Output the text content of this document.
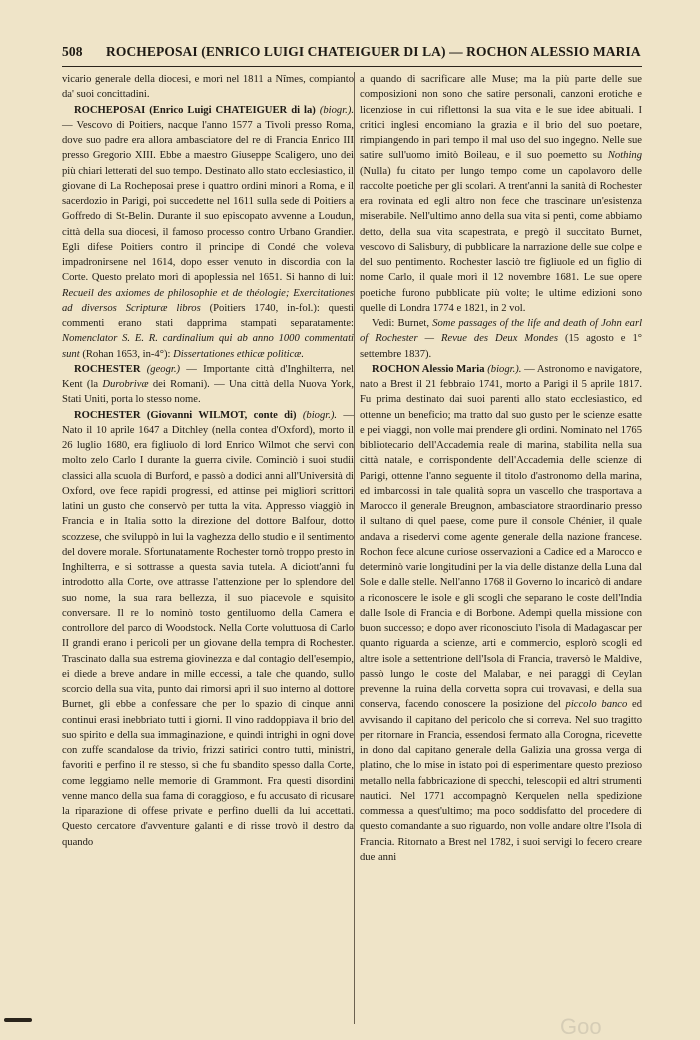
508 ROCHEPOSAI (ENRICO LUIGI CHATEIGUER DI LA) — ROCHON ALESSIO MARIA

vicario generale della diocesi, e morì nel 1811 a Nîmes, compianto da' suoi concittadini.

ROCHEPOSAI (Enrico Luigi CHATEIGUER di la) (biogr.). — Vescovo di Poitiers, nacque l'anno 1577 a Tivoli presso Roma, dove suo padre era allora ambasciatore del re di Francia Enrico III presso Gregorio XIII. Ebbe a maestro Giuseppe Scaligero, uno dei più chiari letterati del suo tempo. Destinato allo stato ecclesiastico, il giovane di La Rocheposai prese i quattro ordini minori a Roma, e il sacerdozio in Parigi, poi succedette nel 1611 sulla sede di Poitiers a Goffredo di St-Belin. Durante il suo episcopato avvenne a Loudun, città della sua diocesi, il famoso processo contro Urbano Grandier. Egli difese Poitiers contro il principe di Condé che voleva impadronirsene nel 1614, dopo esser venuto in discordia con la Corte. Questo prelato morì di apoplessia nel 1651. Si hanno di lui: Recueil des axiomes de philosophie et de théologie; Exercitationes ad diversos Scripturæ libros (Poitiers 1740, in-fol.): questi commenti erano stati dapprima stampati separatamente: Nomenclator S. E. R. cardinalium qui ab anno 1000 commentati sunt (Rohan 1653, in-4°): Dissertationes ethicæ politicæ.

ROCHESTER (geogr.) — Importante città d'Inghilterra, nel Kent (la Durobrivæ dei Romani). — Una città della Nuova York, Stati Uniti, porta lo stesso nome.

ROCHESTER (Giovanni WILMOT, conte di) (biogr.). — Nato il 10 aprile 1647 a Ditchley (nella contea d'Oxford), morto il 26 luglio 1680, era figliuolo di lord Enrico Wilmot che servì con molto zelo Carlo I durante la guerra civile. Cominciò i suoi studii classici alla scuola di Burford, e passò a dodici anni all'Università di Oxford, ove fece rapidi progressi, ed attinse pei migliori scrittori latini un gusto che conservò per tutta la vita. Appresso viaggiò in Francia e in Italia sotto la direzione del dottore Balfour, dotto scozzese, che sviluppò in lui la vaghezza dello studio e il sentimento del dovere morale. Sfortunatamente Rochester tornò troppo presto in Inghilterra, e si sottrasse a questa savia tutela. A diciott'anni fu introdotto alla Corte, ove attrasse l'attenzione per lo splendore del suo nome, la sua rara bellezza, il suo piacevole e squisito conversare. Il re lo nominò tosto gentiluomo della Camera e controllore del parco di Woodstock. Nella Corte voluttuosa di Carlo II grandi erano i pericoli per un giovane della tempra di Rochester. Trascinato dalla sua estrema giovinezza e dal contagio dell'esempio, ei diede a breve andare in mille eccessi, a tale che quando, sullo scorcio della sua vita, punto dai rimorsi aprì il suo interno al dottore Burnet, gli ebbe a confessare che per lo spazio di cinque anni continui erasi inebbriato tutti i giorni. Il vino raddoppiava il brio del suo spirito e della sua immaginazione, e quindi intrighi in ogni dove con zuffe scandalose da trivio, frizzi satirici contro tutti, ministri, favoriti e perfino il re stesso, sì che fu sbandito spesso dalla Corte, come leggiamo nelle memorie di Grammont. Fra questi disordini venne manco della sua fama di coraggioso, e fu accusato di ricusare la riparazione di offese private e perfino duelli da lui accettati. Questo cercatore d'avventure galanti e di risse trovò il destro da quando

a quando di sacrificare alle Muse; ma la più parte delle sue composizioni non sono che satire personali, canzoni erotiche e licenziose in cui riflettonsi la sua vita e le sue idee abituali. I critici inglesi encomiano la grazia e il brio del suo poetare, rimpiangendo in pari tempo il mal uso del suo ingegno. Nelle sue satire sull'uomo imitò Boileau, e il suo poemetto su Nothing (Nulla) fu citato per lungo tempo come un capolavoro delle raccolte poetiche per gli scolari. A trent'anni la sanità di Rochester era rovinata ed egli altro non fece che trascinare un'esistenza miserabile. Nell'ultimo anno della sua vita si pentì, come abbiamo detto, della sua vita scapestrata, e pregò il succitato Burnet, vescovo di Salisbury, di pubblicare la narrazione delle sue colpe e del suo pentimento. Rochester lasciò tre figliuole ed un figlio di nome Carlo, il quale morì il 12 novembre 1681. Le sue opere poetiche furono pubblicate più volte; le ultime edizioni sono quelle di Londra 1774 e 1821, in 2 vol.

Vedi: Burnet, Some passages of the life and death of John earl of Rochester — Revue des Deux Mondes (15 agosto e 1° settembre 1837).

ROCHON Alessio Maria (biogr.). — Astronomo e navigatore, nato a Brest il 21 febbraio 1741, morto a Parigi il 5 aprile 1817. Fu prima destinato dai suoi parenti allo stato ecclesiastico, ed ottenne un beneficio; ma tratto dal suo gusto per le scienze esatte e pei viaggi, non volle mai prendere gli ordini. Nominato nel 1765 bibliotecario dell'Accademia reale di marina, stabilita nella sua città natale, e corrispondente dell'Accademia delle scienze di Parigi, ottenne l'anno seguente il titolo d'astronomo della marina, ed imbarcossi in tale qualità sopra un vascello che trasportava a Marocco il generale Breugnon, ambasciatore straordinario presso il sultano di quel paese, come pure il console Chénier, il quale andava a risedervi come agente generale della nazione francese. Rochon fece alcune curiose osservazioni a Cadice ed a Marocco e determinò varie longitudini per la via delle distanze della Luna dal Sole e dalle stelle. Nell'anno 1768 il Governo lo incaricò di andare a riconoscere le isole e gli scogli che separano le coste dell'India dalle Isole di Francia e di Borbone. Adempì quella missione con buon successo; e dopo aver riconosciuto l'isola di Madagascar per quanto riguarda a scienze, arti e commercio, esplorò scogli ed altre isole a settentrione dell'Isola di Francia, traversò le Maldive, passò lungo le coste del Malabar, e nei paraggi di Ceylan prevenne la ruina della corvetta sopra cui trovavasi, e della sua conserva, facendo conoscere la posizione del piccolo banco ed avvisando il capitano del pericolo che si correva. Nel suo tragitto per ritornare in Francia, essendosi fermato alla Corogna, ricevette in dono dal capitano generale della Galizia una grossa verga di platino, che lo mise in istato poi di esperimentare questo prezioso metallo nella fabbricazione di specchi, telescopii ed altri strumenti nautici. Nel 1771 accompagnò Kerquelen nella spedizione commessa a quest'ultimo; ma poco soddisfatto del procedere di questo comandante a suo riguardo, non volle andare oltre l'Isola di Francia. Ritornato a Brest nel 1782, i suoi servigi lo fecero creare due anni

Goo
